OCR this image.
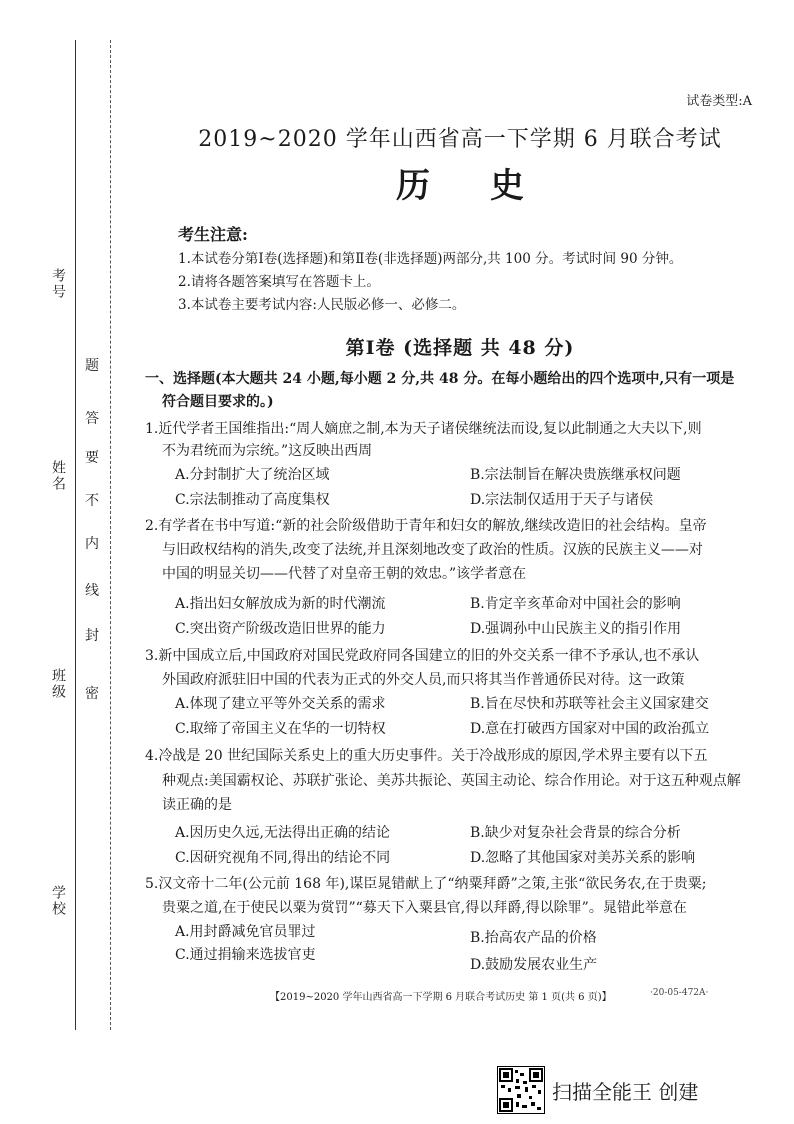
考号
姓名
班级
学校
题
答
要
不
内
线
封
密
试卷类型:A
2019~2020 学年山西省高一下学期 6 月联合考试
历史
考生注意:
1.本试卷分第Ⅰ卷(选择题)和第Ⅱ卷(非选择题)两部分,共 100 分。考试时间 90 分钟。
2.请将各题答案填写在答题卡上。
3.本试卷主要考试内容:人民版必修一、必修二。
第Ⅰ卷 (选择题 共 48 分)
一、选择题(本大题共 24 小题,每小题 2 分,共 48 分。在每小题给出的四个选项中,只有一项是
符合题目要求的。)
1.近代学者王国维指出:“周人嫡庶之制,本为天子诸侯继统法而设,复以此制通之大夫以下,则
不为君统而为宗统。”这反映出西周
A.分封制扩大了统治区域	B.宗法制旨在解决贵族继承权问题
C.宗法制推动了高度集权	D.宗法制仅适用于天子与诸侯
2.有学者在书中写道:“新的社会阶级借助于青年和妇女的解放,继续改造旧的社会结构。皇帝
与旧政权结构的消失,改变了法统,并且深刻地改变了政治的性质。汉族的民族主义——对
中国的明显关切——代替了对皇帝王朝的效忠。”该学者意在
A.指出妇女解放成为新的时代潮流	B.肯定辛亥革命对中国社会的影响
C.突出资产阶级改造旧世界的能力	D.强调孙中山民族主义的指引作用
3.新中国成立后,中国政府对国民党政府同各国建立的旧的外交关系一律不予承认,也不承认
外国政府派驻旧中国的代表为正式的外交人员,而只将其当作普通侨民对待。这一政策
A.体现了建立平等外交关系的需求	B.旨在尽快和苏联等社会主义国家建交
C.取缔了帝国主义在华的一切特权	D.意在打破西方国家对中国的政治孤立
4.冷战是 20 世纪国际关系史上的重大历史事件。关于冷战形成的原因,学术界主要有以下五
种观点:美国霸权论、苏联扩张论、美苏共振论、英国主动论、综合作用论。对于这五种观点解
读正确的是
A.因历史久远,无法得出正确的结论	B.缺少对复杂社会背景的综合分析
C.因研究视角不同,得出的结论不同	D.忽略了其他国家对美苏关系的影响
5.汉文帝十二年(公元前 168 年),谋臣晁错献上了“纳粟拜爵”之策,主张“欲民务农,在于贵粟;
贵粟之道,在于使民以粟为赏罚”“募天下入粟县官,得以拜爵,得以除罪”。晁错此举意在
A.用封爵减免官员罪过	B.抬高农产品的价格
C.通过捐输来选拔官吏
D.鼓励发展农业生产
【2019~2020 学年山西省高一下学期 6 月联合考试历史 第 1 页(共 6 页)】	·20-05-472A·
扫描全能王 创建
